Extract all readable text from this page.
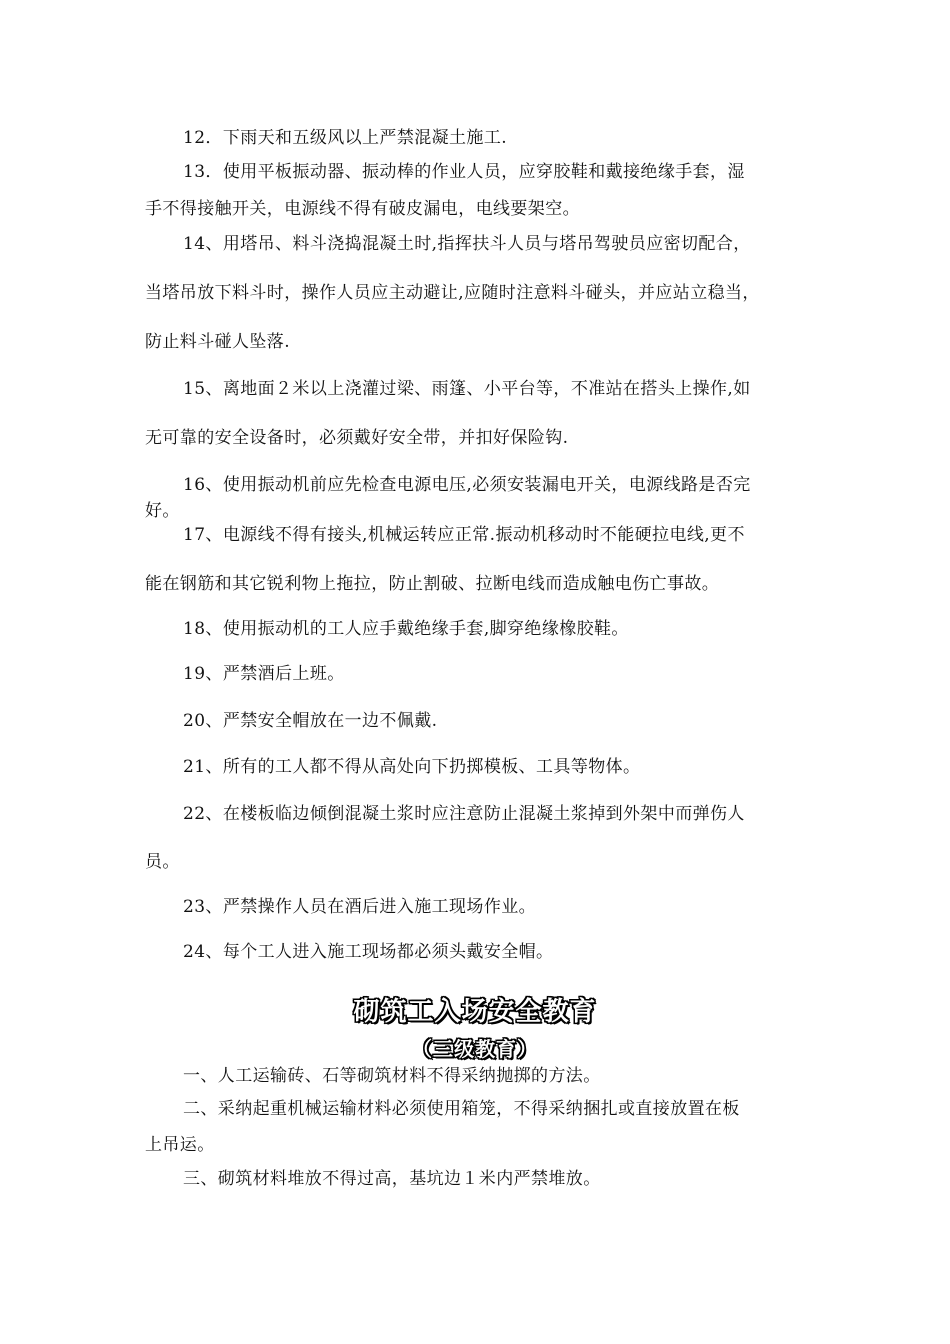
12．下雨天和五级风以上严禁混凝土施工.
13．使用平板振动器、振动棒的作业人员，应穿胶鞋和戴接绝缘手套，湿
手不得接触开关，电源线不得有破皮漏电，电线要架空。
14、用塔吊、料斗浇捣混凝土时,指挥扶斗人员与塔吊驾驶员应密切配合，
当塔吊放下料斗时，操作人员应主动避让,应随时注意料斗碰头，并应站立稳当，
防止料斗碰人坠落.
15、离地面２米以上浇灌过梁、雨篷、小平台等，不准站在搭头上操作,如
无可靠的安全设备时，必须戴好安全带，并扣好保险钩.
16、使用振动机前应先检查电源电压,必须安装漏电开关，电源线路是否完
好。
17、电源线不得有接头,机械运转应正常.振动机移动时不能硬拉电线,更不
能在钢筋和其它锐利物上拖拉，防止割破、拉断电线而造成触电伤亡事故。
18、使用振动机的工人应手戴绝缘手套,脚穿绝缘橡胶鞋。
19、严禁酒后上班。
20、严禁安全帽放在一边不佩戴.
21、所有的工人都不得从高处向下扔掷模板、工具等物体。
22、在楼板临边倾倒混凝土浆时应注意防止混凝土浆掉到外架中而弹伤人
员。
23、严禁操作人员在酒后进入施工现场作业。
24、每个工人进入施工现场都必须头戴安全帽。
砌筑工入场安全教育
（三级教育）
一、人工运输砖、石等砌筑材料不得采纳抛掷的方法。
二、采纳起重机械运输材料必须使用箱笼，不得采纳捆扎或直接放置在板
上吊运。
三、砌筑材料堆放不得过高，基坑边１米内严禁堆放。
